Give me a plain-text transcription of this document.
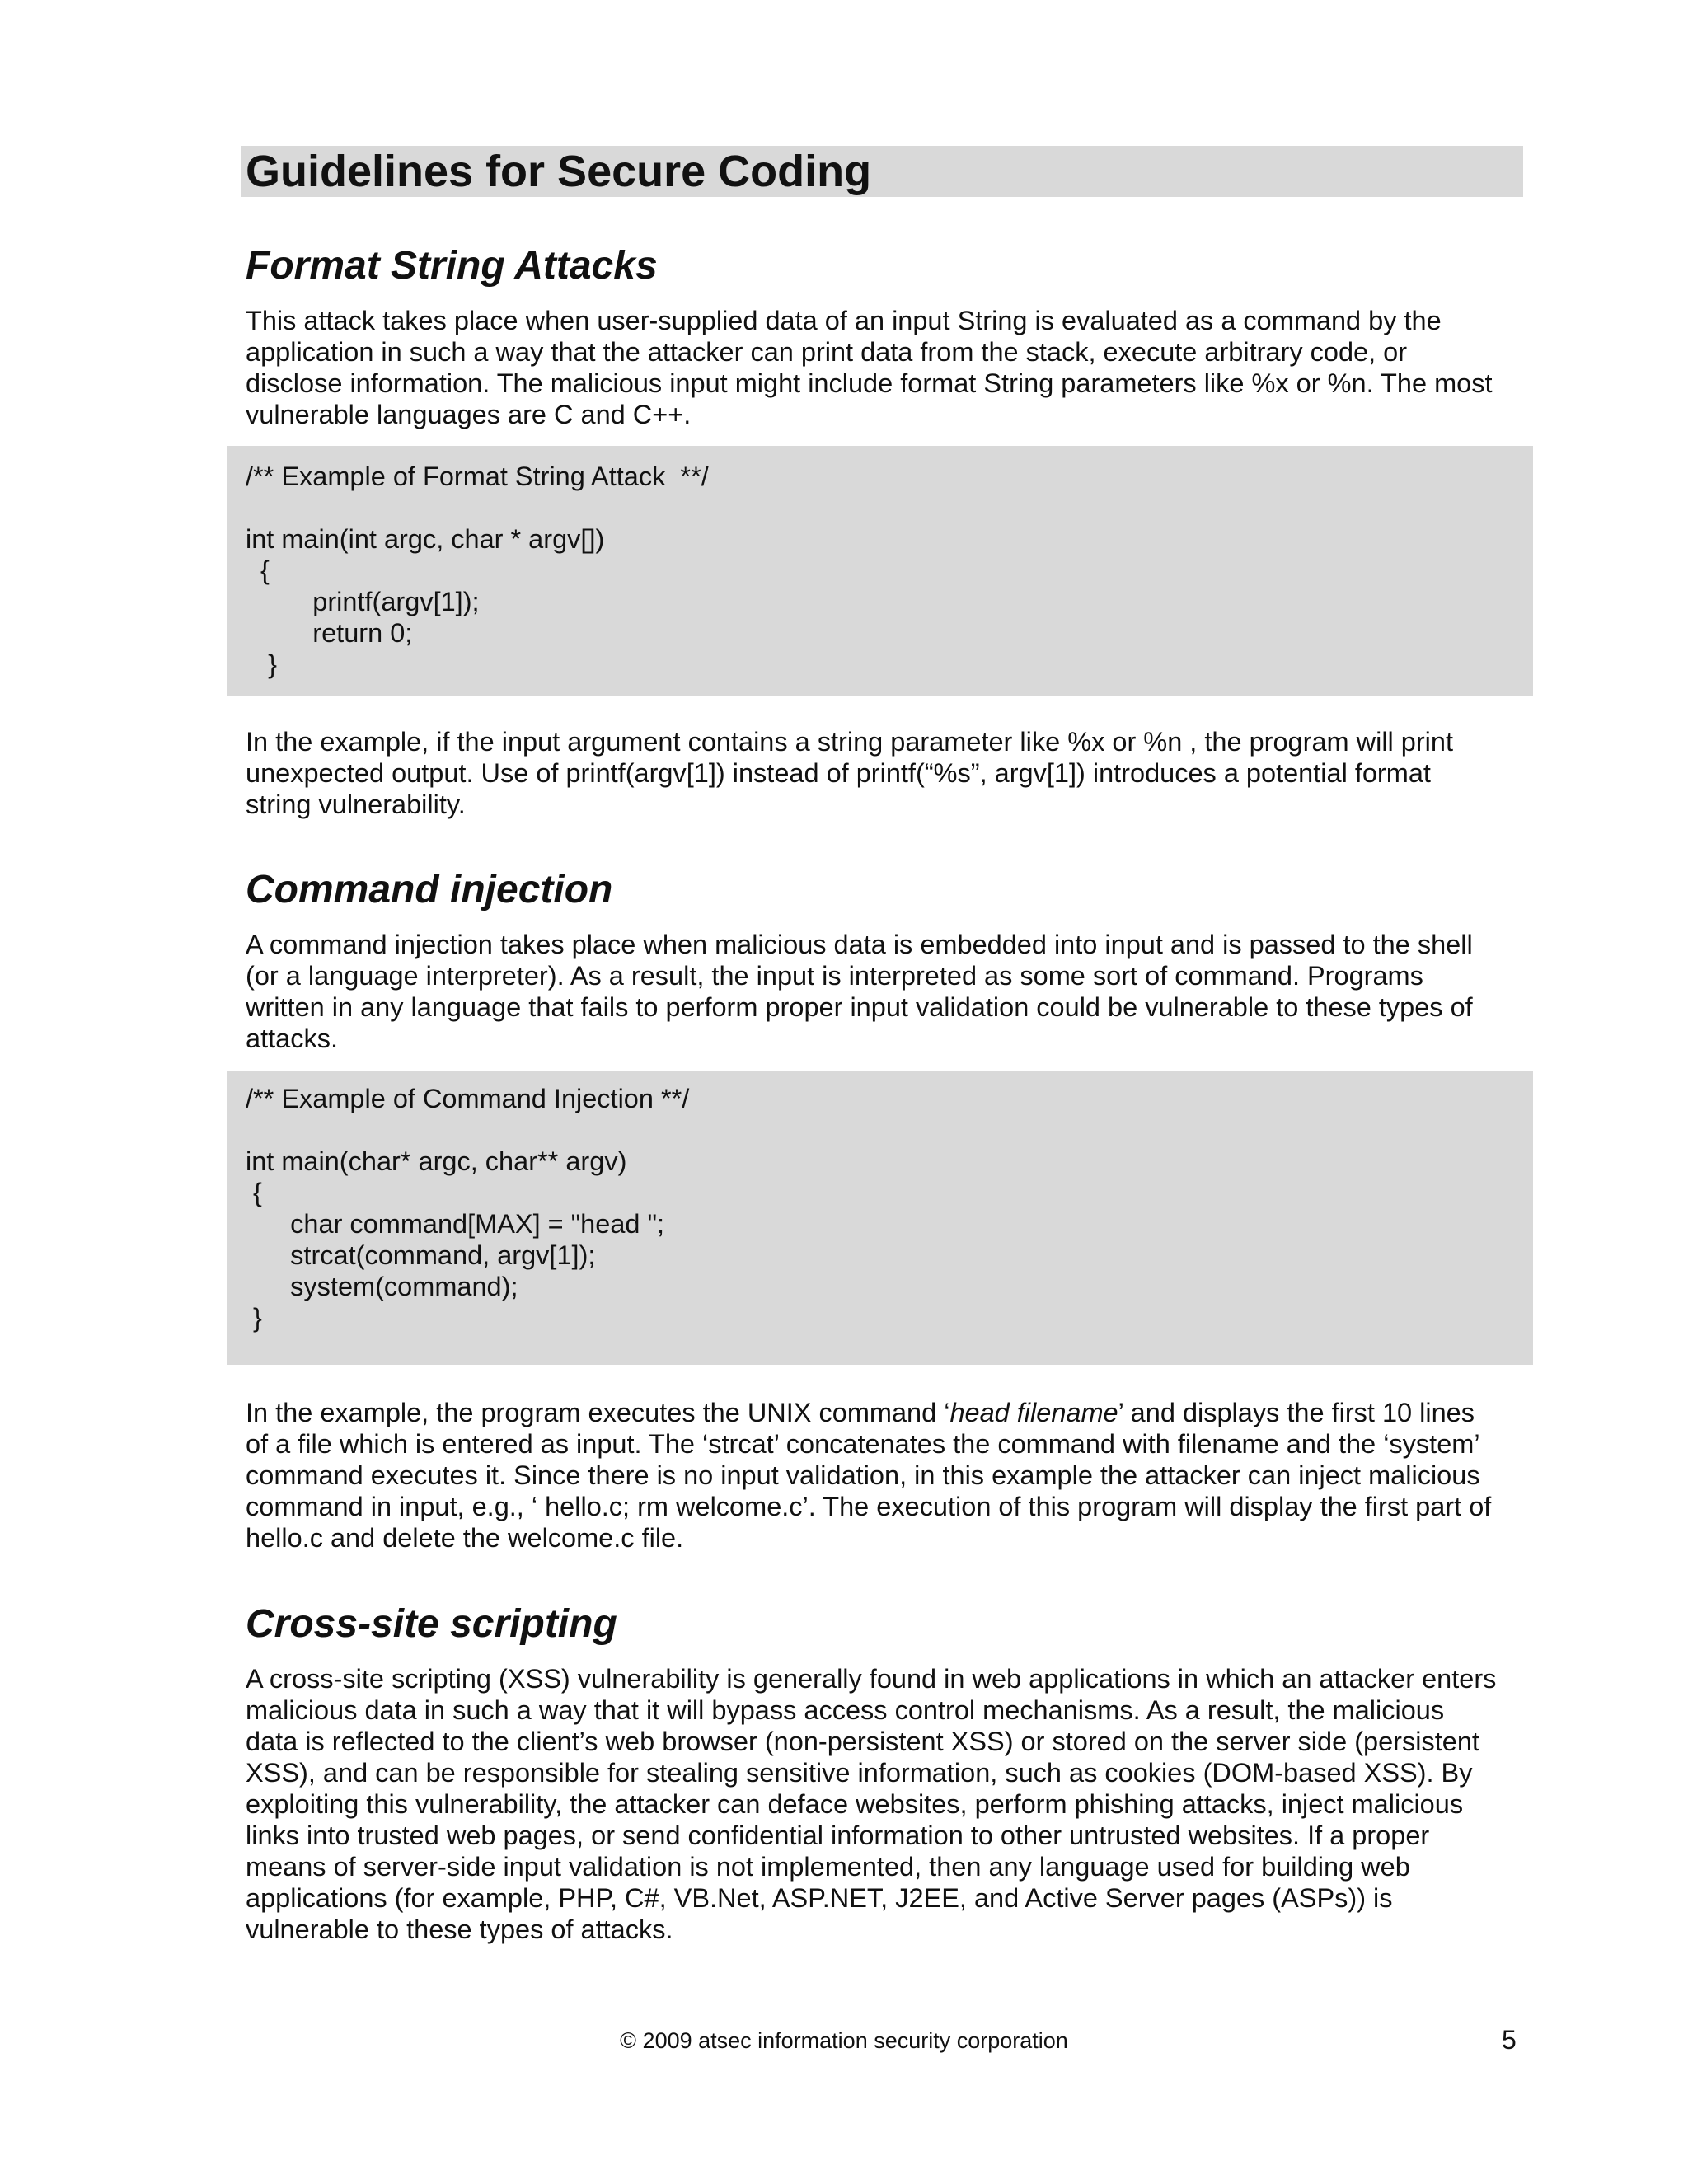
Guidelines for Secure Coding
Format String Attacks

This attack takes place when user-supplied data of an input String is evaluated as a command by the
application in such a way that the attacker can print data from the stack, execute arbitrary code, or
disclose information. The malicious input might include format String parameters like %x or %n. The most
vulnerable languages are C and C++.

/** Example of Format String Attack  **/
int main(int argc, char * argv[])
{
printf(argv[1]);
return 0;
}

In the example, if the input argument contains a string parameter like %x or %n , the program will print
unexpected output. Use of printf(argv[1]) instead of printf(“%s”, argv[1]) introduces a potential format
string vulnerability.

Command injection

A command injection takes place when malicious data is embedded into input and is passed to the shell
(or a language interpreter). As a result, the input is interpreted as some sort of command. Programs
written in any language that fails to perform proper input validation could be vulnerable to these types of
attacks.

/** Example of Command Injection **/
int main(char* argc, char** argv)
{
char command[MAX] = "head ";
strcat(command, argv[1]);
system(command);
}

In the example, the program executes the UNIX command ‘head filename’ and displays the first 10 lines
of a file which is entered as input. The ‘strcat’ concatenates the command with filename and the ‘system’
command executes it. Since there is no input validation, in this example the attacker can inject malicious
command in input, e.g., ‘ hello.c; rm welcome.c’. The execution of this program will display the first part of
hello.c and delete the welcome.c file.

Cross-site scripting

A cross-site scripting (XSS) vulnerability is generally found in web applications in which an attacker enters
malicious data in such a way that it will bypass access control mechanisms. As a result, the malicious
data is reflected to the client’s web browser (non-persistent XSS) or stored on the server side (persistent
XSS), and can be responsible for stealing sensitive information, such as cookies (DOM-based XSS). By
exploiting this vulnerability, the attacker can deface websites, perform phishing attacks, inject malicious
links into trusted web pages, or send confidential information to other untrusted websites. If a proper
means of server-side input validation is not implemented, then any language used for building web
applications (for example, PHP, C#, VB.Net, ASP.NET, J2EE, and Active Server pages (ASPs)) is
vulnerable to these types of attacks.

© 2009 atsec information security corporation	5
